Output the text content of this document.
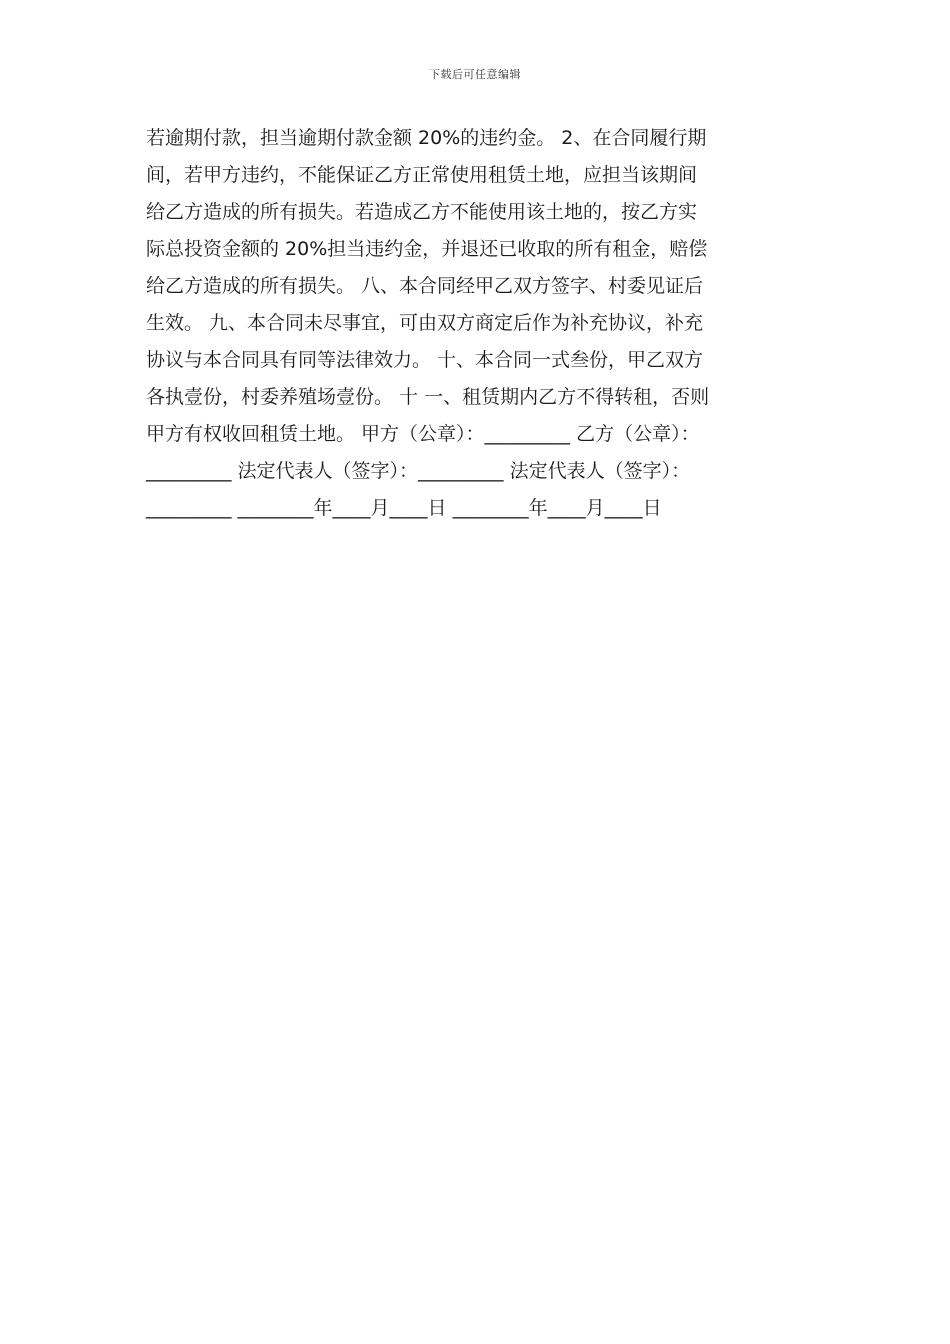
下载后可任意编辑
若逾期付款，担当逾期付款金额 20%的违约金。 2、在合同履行期
间，若甲方违约，不能保证乙方正常使用租赁土地，应担当该期间
给乙方造成的所有损失。若造成乙方不能使用该土地的，按乙方实
际总投资金额的 20%担当违约金，并退还已收取的所有租金，赔偿
给乙方造成的所有损失。 八、本合同经甲乙双方签字、村委见证后
生效。 九、本合同未尽事宜，可由双方商定后作为补充协议，补充
协议与本合同具有同等法律效力。 十、本合同一式叁份，甲乙双方
各执壹份，村委养殖场壹份。 十 一、租赁期内乙方不得转租，否则
甲方有权收回租赁土地。 甲方（公章）：_________ 乙方（公章）：
_________ 法定代表人（签字）：_________ 法定代表人（签字）：
_________ ________年____月____日 ________年____月____日
